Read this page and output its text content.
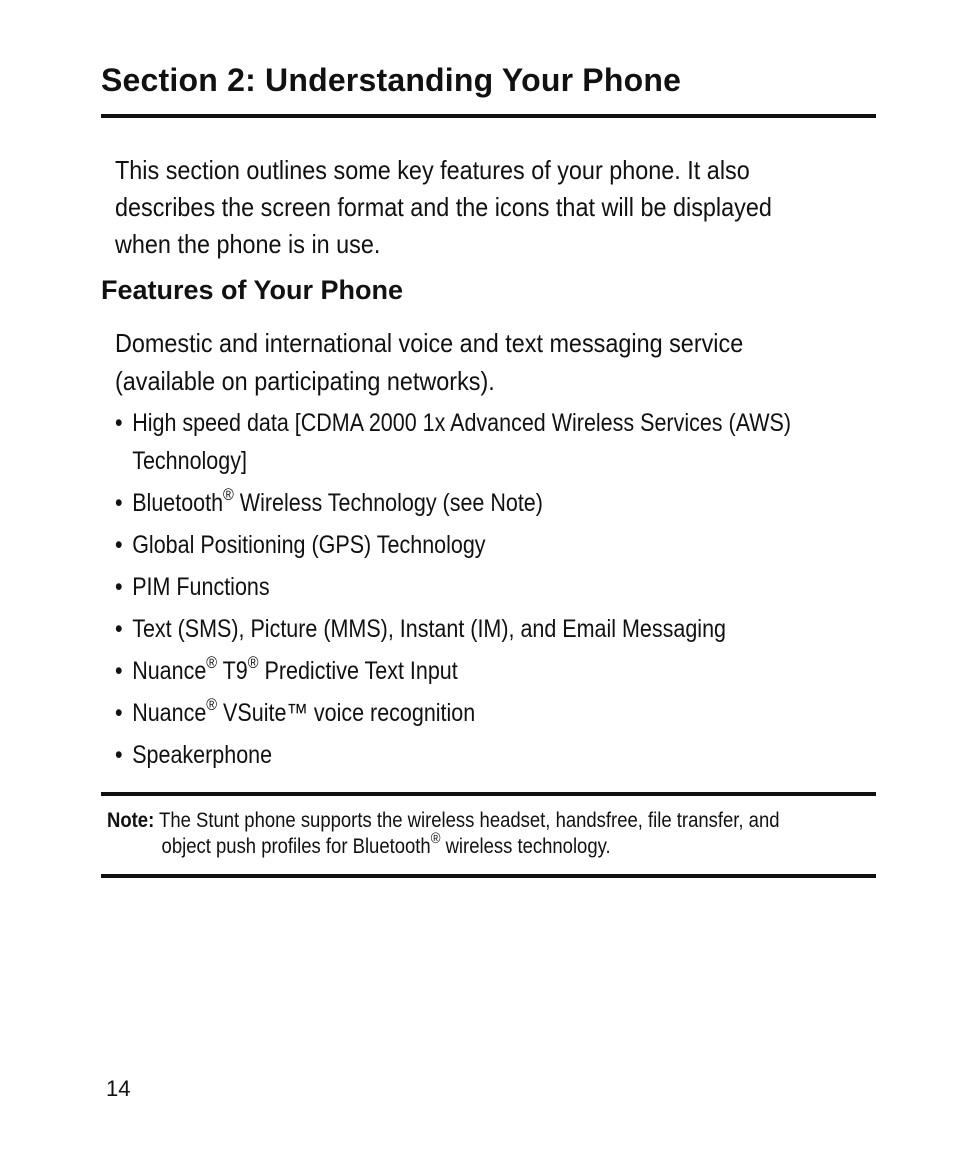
Section 2: Understanding Your Phone
This section outlines some key features of your phone. It also
describes the screen format and the icons that will be displayed
when the phone is in use.
Features of Your Phone
Domestic and international voice and text messaging service
(available on participating networks).
• High speed data [CDMA 2000 1x Advanced Wireless Services (AWS)
Technology]
• Bluetooth® Wireless Technology (see Note)
• Global Positioning (GPS) Technology
• PIM Functions
• Text (SMS), Picture (MMS), Instant (IM), and Email Messaging
• Nuance® T9® Predictive Text Input
• Nuance® VSuite™ voice recognition
• Speakerphone
Note: The Stunt phone supports the wireless headset, handsfree, file transfer, and
object push profiles for Bluetooth® wireless technology.
14
